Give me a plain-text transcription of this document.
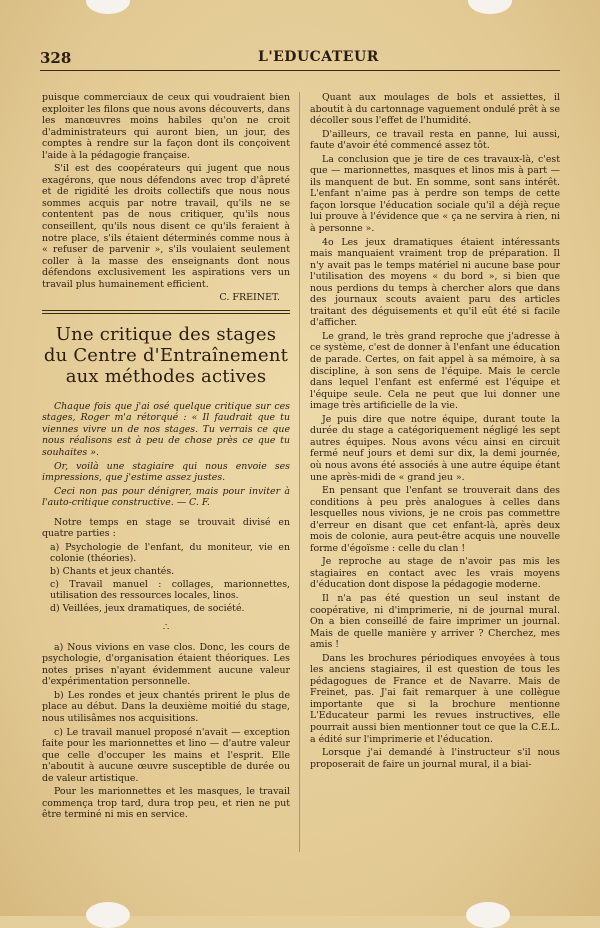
328	L'EDUCATEUR

puisque commerciaux de ceux qui voudraient bien exploiter les filons que nous avons découverts, dans les manœuvres moins habiles qu'on ne croit d'administrateurs qui auront bien, un jour, des comptes à rendre sur la façon dont ils conçoivent l'aide à la pédagogie française.

S'il est des coopérateurs qui jugent que nous exagérons, que nous défendons avec trop d'âpreté et de rigidité les droits collectifs que nous nous sommes acquis par notre travail, qu'ils ne se contentent pas de nous critiquer, qu'ils nous conseillent, qu'ils nous disent ce qu'ils feraient à notre place, s'ils étaient déterminés comme nous à « refuser de parvenir », s'ils voulaient seulement coller à la masse des enseignants dont nous défendons exclusivement les aspirations vers un travail plus humainement efficient.

C. FREINET.
Une critique des stages
du Centre d'Entraînement
aux méthodes actives

Chaque fois que j'ai osé quelque critique sur ces stages, Roger m'a rétorqué : « Il faudrait que tu viennes vivre un de nos stages. Tu verrais ce que nous réalisons est à peu de chose près ce que tu souhaites ».

Or, voilà une stagiaire qui nous envoie ses impressions, que j'estime assez justes.

Ceci non pas pour dénigrer, mais pour inviter à l'auto-critique constructive. — C. F.

Notre temps en stage se trouvait divisé en quatre parties :

a) Psychologie de l'enfant, du moniteur, vie en colonie (théories).
b) Chants et jeux chantés.
c) Travail manuel : collages, marionnettes, utilisation des ressources locales, linos.
d) Veillées, jeux dramatiques, de société.
∴

a) Nous vivions en vase clos. Donc, les cours de psychologie, d'organisation étaient théoriques. Les notes prises n'ayant évidemment aucune valeur d'expérimentation personnelle.

b) Les rondes et jeux chantés prirent le plus de place au début. Dans la deuxième moitié du stage, nous utilisâmes nos acquisitions.

c) Le travail manuel proposé n'avait — exception faite pour les marionnettes et lino — d'autre valeur que celle d'occuper les mains et l'esprit. Elle n'aboutit à aucune œuvre susceptible de durée ou de valeur artistique.

Pour les marionnettes et les masques, le travail commença trop tard, dura trop peu, et rien ne put être terminé ni mis en service.

Quant aux moulages de bols et assiettes, il aboutit à du cartonnage vaguement ondulé prêt à se décoller sous l'effet de l'humidité.

D'ailleurs, ce travail resta en panne, lui aussi, faute d'avoir été commencé assez tôt.

La conclusion que je tire de ces travaux-là, c'est que — marionnettes, masques et linos mis à part — ils manquent de but. En somme, sont sans intérêt. L'enfant n'aime pas à perdre son temps de cette façon lorsque l'éducation sociale qu'il a déjà reçue lui prouve à l'évidence que « ça ne servira à rien, ni à personne ».

4o Les jeux dramatiques étaient intéressants mais manquaient vraiment trop de préparation. Il n'y avait pas le temps matériel ni aucune base pour l'utilisation des moyens « du bord », si bien que nous perdions du temps à chercher alors que dans des journaux scouts avaient paru des articles traitant des déguisements et qu'il eût été si facile d'afficher.

Le grand, le très grand reproche que j'adresse à ce système, c'est de donner à l'enfant une éducation de parade. Certes, on fait appel à sa mémoire, à sa discipline, à son sens de l'équipe. Mais le cercle dans lequel l'enfant est enfermé est l'équipe et l'équipe seule. Cela ne peut que lui donner une image très artificielle de la vie.

Je puis dire que notre équipe, durant toute la durée du stage a catégoriquement négligé les sept autres équipes. Nous avons vécu ainsi en circuit fermé neuf jours et demi sur dix, la demi journée, où nous avons été associés à une autre équipe étant une après-midi de « grand jeu ».

En pensant que l'enfant se trouverait dans des conditions à peu près analogues à celles dans lesquelles nous vivions, je ne crois pas commettre d'erreur en disant que cet enfant-là, après deux mois de colonie, aura peut-être acquis une nouvelle forme d'égoïsme : celle du clan !

Je reproche au stage de n'avoir pas mis les stagiaires en contact avec les vrais moyens d'éducation dont dispose la pédagogie moderne.

Il n'a pas été question un seul instant de coopérative, ni d'imprimerie, ni de journal mural. On a bien conseillé de faire imprimer un journal. Mais de quelle manière y arriver ? Cherchez, mes amis !

Dans les brochures périodiques envoyées à tous les anciens stagiaires, il est question de tous les pédagogues de France et de Navarre. Mais de Freinet, pas. J'ai fait remarquer à une collègue importante que si la brochure mentionne L'Educateur parmi les revues instructives, elle pourrait aussi bien mentionner tout ce que la C.E.L. a édité sur l'imprimerie et l'éducation.

Lorsque j'ai demandé à l'instructeur s'il nous proposerait de faire un journal mural, il a biai-
